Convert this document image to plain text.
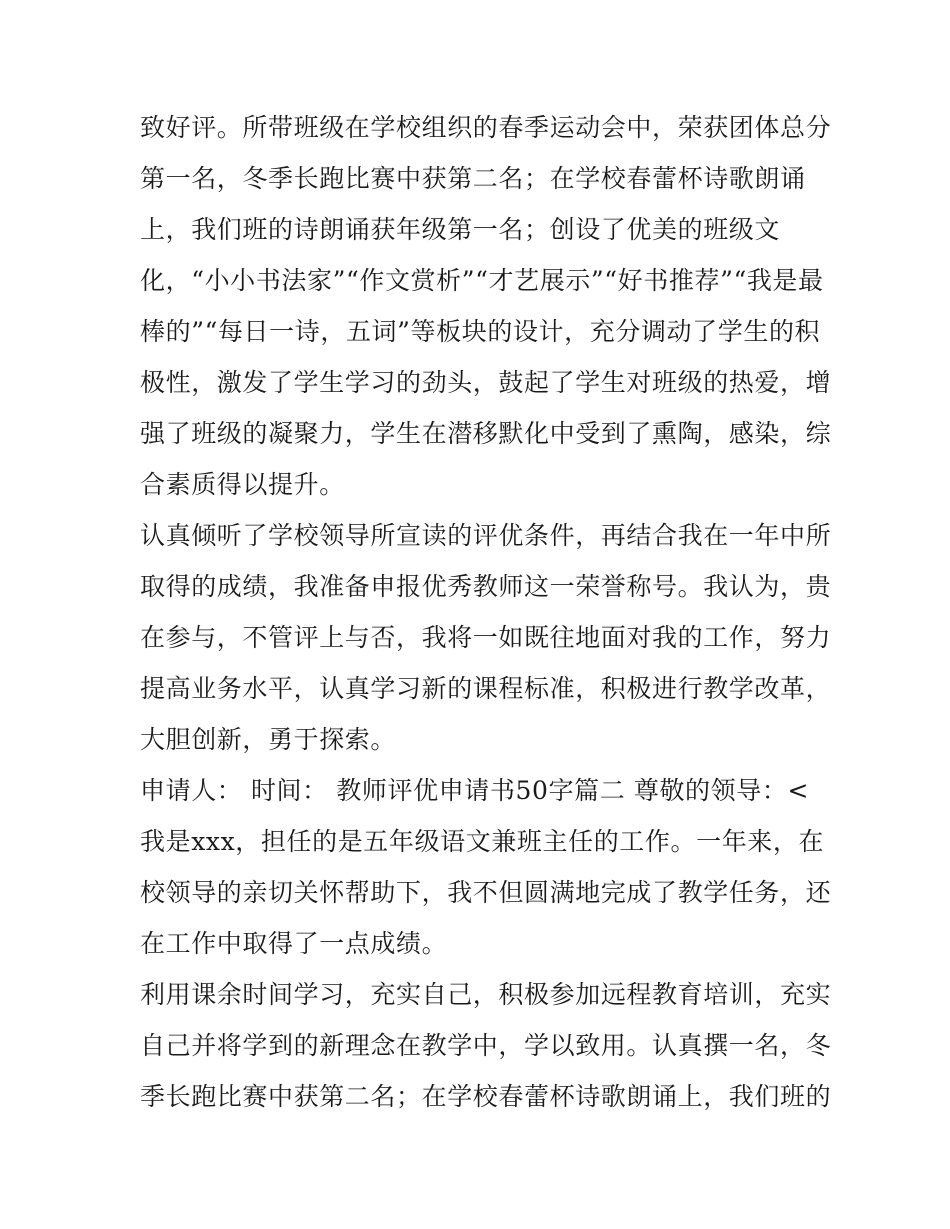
致好评。所带班级在学校组织的春季运动会中，荣获团体总分
第一名，冬季长跑比赛中获第二名；在学校春蕾杯诗歌朗诵
上，我们班的诗朗诵获年级第一名；创设了优美的班级文
化，“小小书法家”“作文赏析”“才艺展示”“好书推荐”“我是最
棒的”“每日一诗，五词”等板块的设计，充分调动了学生的积
极性，激发了学生学习的劲头，鼓起了学生对班级的热爱，增
强了班级的凝聚力，学生在潜移默化中受到了熏陶，感染，综
合素质得以提升。
认真倾听了学校领导所宣读的评优条件，再结合我在一年中所
取得的成绩，我准备申报优秀教师这一荣誉称号。我认为，贵
在参与，不管评上与否，我将一如既往地面对我的工作，努力
提高业务水平，认真学习新的课程标准，积极进行教学改革，
大胆创新，勇于探索。
申请人： 时间： 教师评优申请书50字篇二 尊敬的领导：<
我是xxx，担任的是五年级语文兼班主任的工作。一年来，在
校领导的亲切关怀帮助下，我不但圆满地完成了教学任务，还
在工作中取得了一点成绩。
利用课余时间学习，充实自己，积极参加远程教育培训，充实
自己并将学到的新理念在教学中，学以致用。认真撰一名，冬
季长跑比赛中获第二名；在学校春蕾杯诗歌朗诵上，我们班的
